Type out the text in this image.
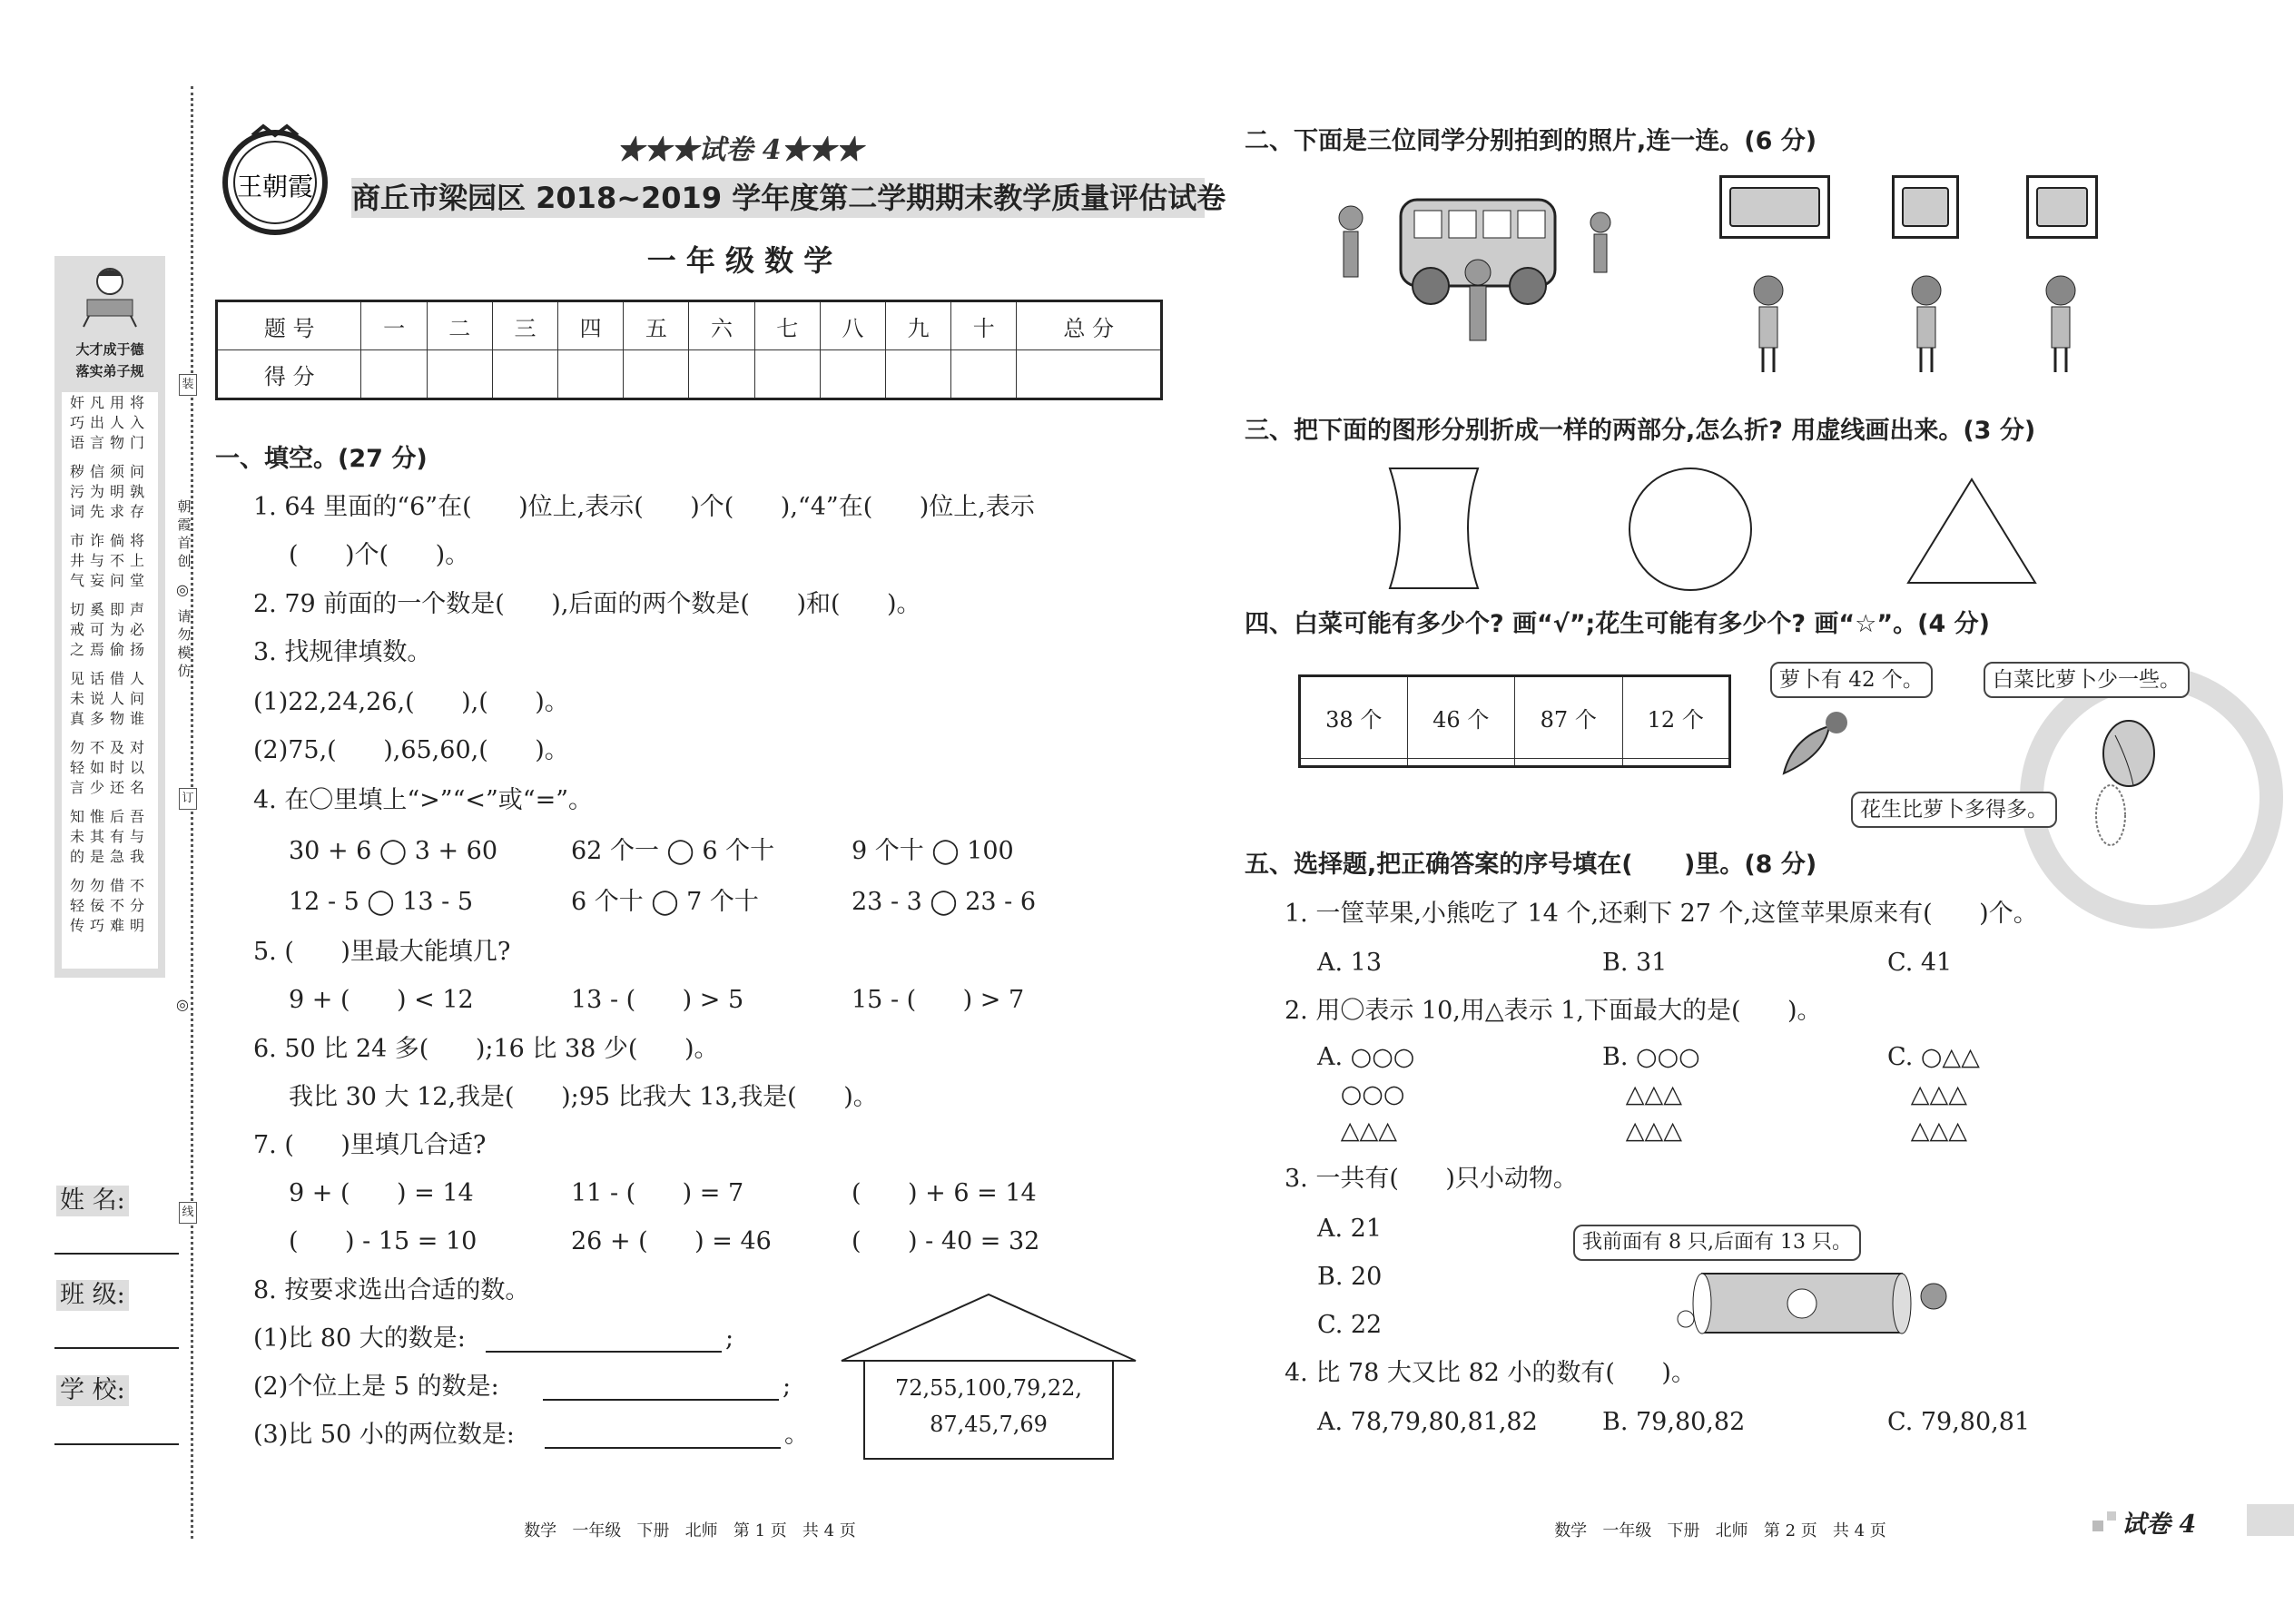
大才成于德
落实弟子规
奸凡用将
巧出人入
语言物门
秽信须问
污为明孰
词先求存
市诈倘将
井与不上
气妄问堂
切奚即声
戒可为必
之焉偷扬
见话借人
未说人问
真多物谁
勿不及对
轻如时以
言少还名
知惟后吾
未其有与
的是急我
勿勿借不
轻佞不分
传巧难明
装
朝霞首创
◎
请勿模仿
订
◎
线
姓 名:
班 级:
学 校:
王朝霞
★★★试卷 4★★★
商丘市梁园区 2018~2019 学年度第二学期期末教学质量评估试卷
一 年 级 数 学
题 号	一	二	三	四	五	六	七	八	九	十	总 分
得 分											
一、填空。(27 分)
1. 64 里面的“6”在(      )位上,表示(      )个(      ),“4”在(      )位上,表示
(      )个(      )。
2. 79 前面的一个数是(      ),后面的两个数是(      )和(      )。
3. 找规律填数。
(1)22,24,26,(      ),(      )。
(2)75,(      ),65,60,(      )。
4. 在〇里填上“>”“<”或“=”。
30 + 6 ◯ 3 + 60	62 个一 ◯ 6 个十	9 个十 ◯ 100
12 - 5 ◯ 13 - 5	6 个十 ◯ 7 个十	23 - 3 ◯ 23 - 6
9 + (      ) < 12	13 - (      ) > 5	15 - (      ) > 7
9 + (      ) = 14	11 - (      ) = 7	(      ) + 6 = 14
(      ) - 15 = 10	26 + (      ) = 46	(      ) - 40 = 32
5. (      )里最大能填几?
6. 50 比 24 多(      );16 比 38 少(      )。
我比 30 大 12,我是(      );95 比我大 13,我是(      )。
7. (      )里填几合适?
8. 按要求选出合适的数。
(1)比 80 大的数是:	;
(2)个位上是 5 的数是:	;
(3)比 50 小的两位数是:	。
72,55,100,79,22,
87,45,7,69
数学   一年级   下册   北师   第 1 页   共 4 页
二、下面是三位同学分别拍到的照片,连一连。(6 分)
三、把下面的图形分别折成一样的两部分,怎么折? 用虚线画出来。(3 分)
四、白菜可能有多少个? 画“√”;花生可能有多少个? 画“☆”。(4 分)
38 个	46 个	87 个	12 个

萝卜有 42 个。	白菜比萝卜少一些。
花生比萝卜多得多。
五、选择题,把正确答案的序号填在(      )里。(8 分)
1. 一筐苹果,小熊吃了 14 个,还剩下 27 个,这筐苹果原来有(      )个。
A. 13	B. 31	C. 41
2. 用〇表示 10,用△表示 1,下面最大的是(      )。
A. ○○○
○○○
△△△
B. ○○○
△△△
△△△
C. ○△△
△△△
△△△
3. 一共有(      )只小动物。
A. 21
B. 20
C. 22
我前面有 8 只,后面有 13 只。
4. 比 78 大又比 82 小的数有(      )。
A. 78,79,80,81,82	B. 79,80,82	C. 79,80,81
数学   一年级   下册   北师   第 2 页   共 4 页	试卷 4
